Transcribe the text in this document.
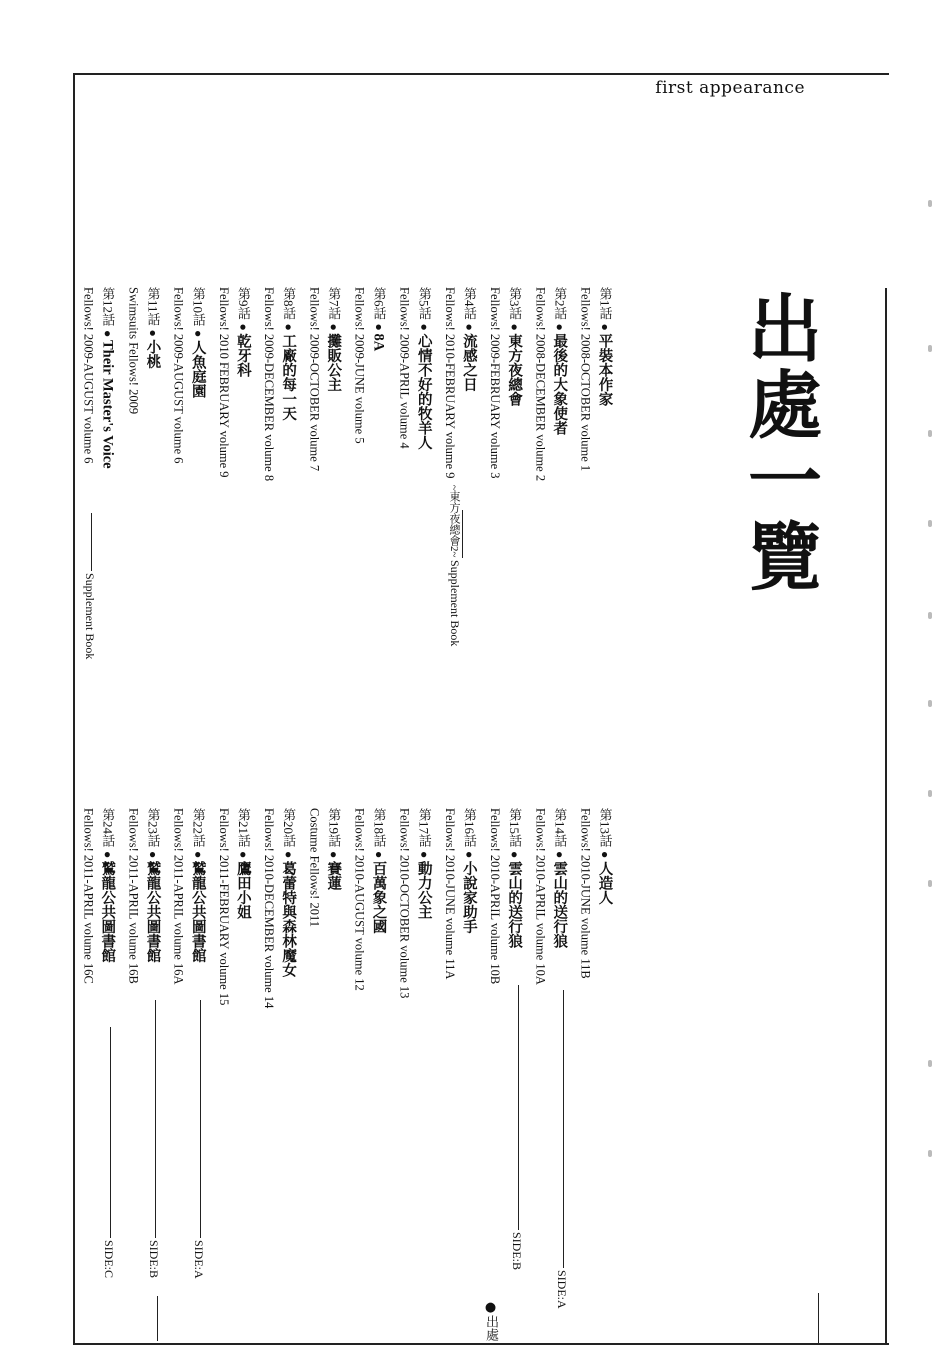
first appearance
出處一覽
第1話●平裝本作家
Fellows! 2008-OCTOBER volume 1
第2話●最後的大象使者
Fellows! 2008-DECEMBER volume 2
第3話●東方夜總會
Fellows! 2009-FEBRUARY volume 3
第4話●流感之日
Fellows! 2010-FEBRUARY volume 9
第5話●心情不好的牧羊人
Fellows! 2009-APRIL volume 4
第6話●8A
Fellows! 2009-JUNE volume 5
第7話●攤販公主
Fellows! 2009-OCTOBER volume 7
第8話●工廠的每一天
Fellows! 2009-DECEMBER volume 8
第9話●乾牙科
Fellows! 2010 FEBRUARY volume 9
第10話●人魚庭園
Fellows! 2009-AUGUST volume 6
第11話●小桃
Swimsuits Fellows! 2009
第12話●Their Master's Voice
Fellows! 2009-AUGUST volume 6
第13話●人造人
Fellows! 2010-JUNE volume 11B
第14話●雲山的送行狼
Fellows! 2010-APRIL volume 10A
第15話●雲山的送行狼
Fellows! 2010-APRIL volume 10B
第16話●小說家助手
Fellows! 2010-JUNE volume 11A
第17話●動力公主
Fellows! 2010-OCTOBER volume 13
第18話●百萬象之國
Fellows! 2010-AUGUST volume 12
第19話●賽蓮
Costume Fellows! 2011
第20話●葛蕾特與森林魔女
Fellows! 2010-DECEMBER volume 14
第21話●鷹田小姐
Fellows! 2011-FEBRUARY volume 15
第22話●鷲龍公共圖書館
Fellows! 2011-APRIL volume 16A
第23話●鷲龍公共圖書館
Fellows! 2011-APRIL volume 16B
第24話●鷲龍公共圖書館
Fellows! 2011-APRIL volume 16C
~東方夜總會2~
Supplement Book
Supplement Book
SIDE:A
SIDE:B
SIDE:A
SIDE:B
SIDE:C
●出處
